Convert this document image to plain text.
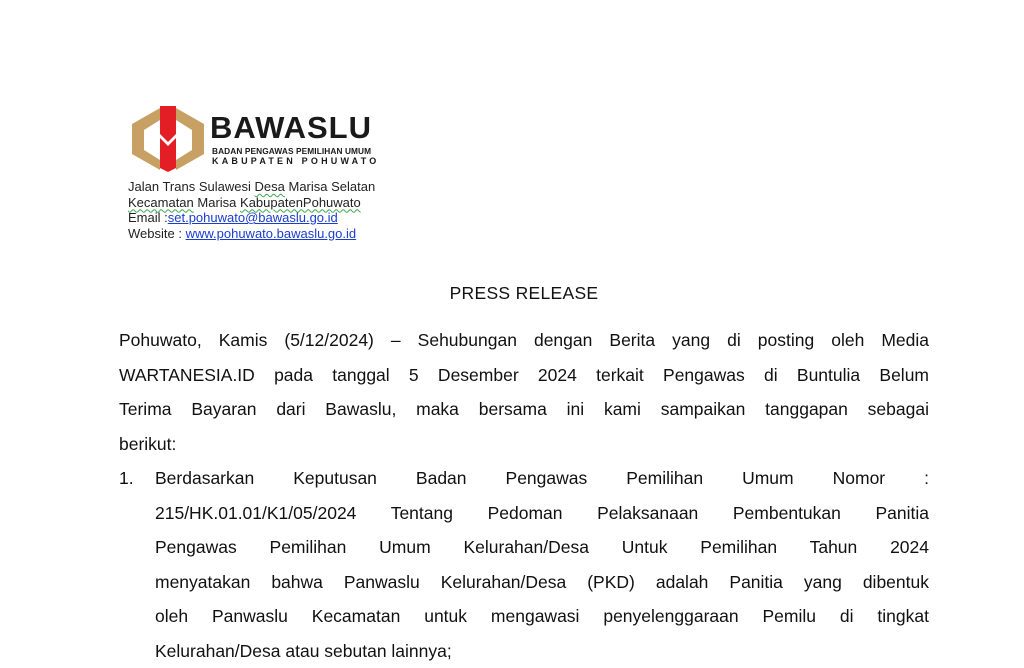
BAWASLU
BADAN PENGAWAS PEMILIHAN UMUM
KABUPATEN POHUWATO
Jalan Trans Sulawesi Desa Marisa Selatan
Kecamatan Marisa KabupatenPohuwato
Email :set.pohuwato@bawaslu.go.id
Website : www.pohuwato.bawaslu.go.id
PRESS RELEASE
Pohuwato, Kamis (5/12/2024) – Sehubungan dengan Berita yang di posting oleh Media
WARTANESIA.ID pada tanggal 5 Desember 2024 terkait Pengawas di Buntulia Belum
Terima Bayaran dari Bawaslu, maka bersama ini kami sampaikan tanggapan sebagai
berikut:
1. Berdasarkan Keputusan Badan Pengawas Pemilihan Umum Nomor :
215/HK.01.01/K1/05/2024 Tentang Pedoman Pelaksanaan Pembentukan Panitia
Pengawas Pemilihan Umum Kelurahan/Desa Untuk Pemilihan Tahun 2024
menyatakan bahwa Panwaslu Kelurahan/Desa (PKD) adalah Panitia yang dibentuk
oleh Panwaslu Kecamatan untuk mengawasi penyelenggaraan Pemilu di tingkat
Kelurahan/Desa atau sebutan lainnya;
